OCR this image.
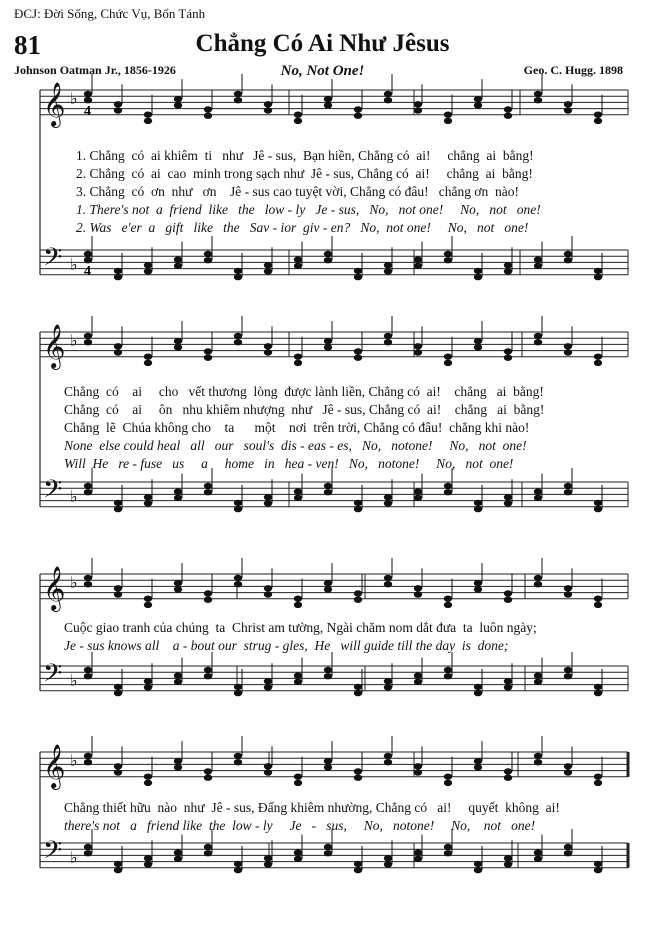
ĐCJ: Đời Sống, Chức Vụ, Bổn Tánh
81	Chẳng Có Ai Như Jêsus
Johnson Oatman Jr., 1856-1926	No, Not One!	Geo. C. Hugg. 1898
𝄞 ♭
4
𝄢 ♭ 4
𝄞 ♭
𝄢 ♭
𝄞 ♭
𝄢 ♭
𝄞 ♭
𝄢 ♭
1. Chẳng  có  ai khiêm  ti   như   Jê - sus,  Bạn hiền, Chẳng có  ai!     chẳng  ai  bằng!
2. Chẳng  có  ai  cao  minh trong sạch như  Jê - sus, Chẳng có  ai!     chẳng  ai  bằng!
3. Chẳng  có  ơn  như   ơn    Jê - sus cao tuyệt vời, Chẳng có đâu!   chẳng ơn  nào!
1. There's not  a  friend  like   the   low - ly   Je - sus,   No,   not one!     No,   not   one!
2. Was   e'er  a   gift   like   the   Sav - ior  giv - en?   No,  not one!     No,   not   one!
Chẳng  có    ai     cho   vết thương  lòng  được lành liền, Chẳng có  ai!    chẳng   ai  bằng!
Chẳng  có    ai     ôn   nhu khiêm nhượng  như   Jê - sus, Chẳng có  ai!    chẳng   ai  bằng!
Chẳng  lẽ  Chúa không cho    ta      một    nơi  trên trời, Chẳng có đâu!  chẳng khi nào!
None  else could heal   all   our   soul's  dis - eas - es,   No,   notone!     No,   not  one!
Will  He   re - fuse   us     a     home   in   hea - ven!   No,   notone!     No,   not  one!
Cuộc giao tranh của chúng  ta  Christ am tường, Ngài chăm nom dắt đưa  ta  luôn ngày;
Je - sus knows all    a - bout our  strug - gles,  He   will guide till the day  is  done;
Chẳng thiết hữu  nào  như  Jê - sus, Đấng khiêm nhường, Chẳng có   ai!     quyết  không  ai!
there's not   a   friend like  the  low - ly     Je   -   sus,     No,   notone!     No,    not   one!
